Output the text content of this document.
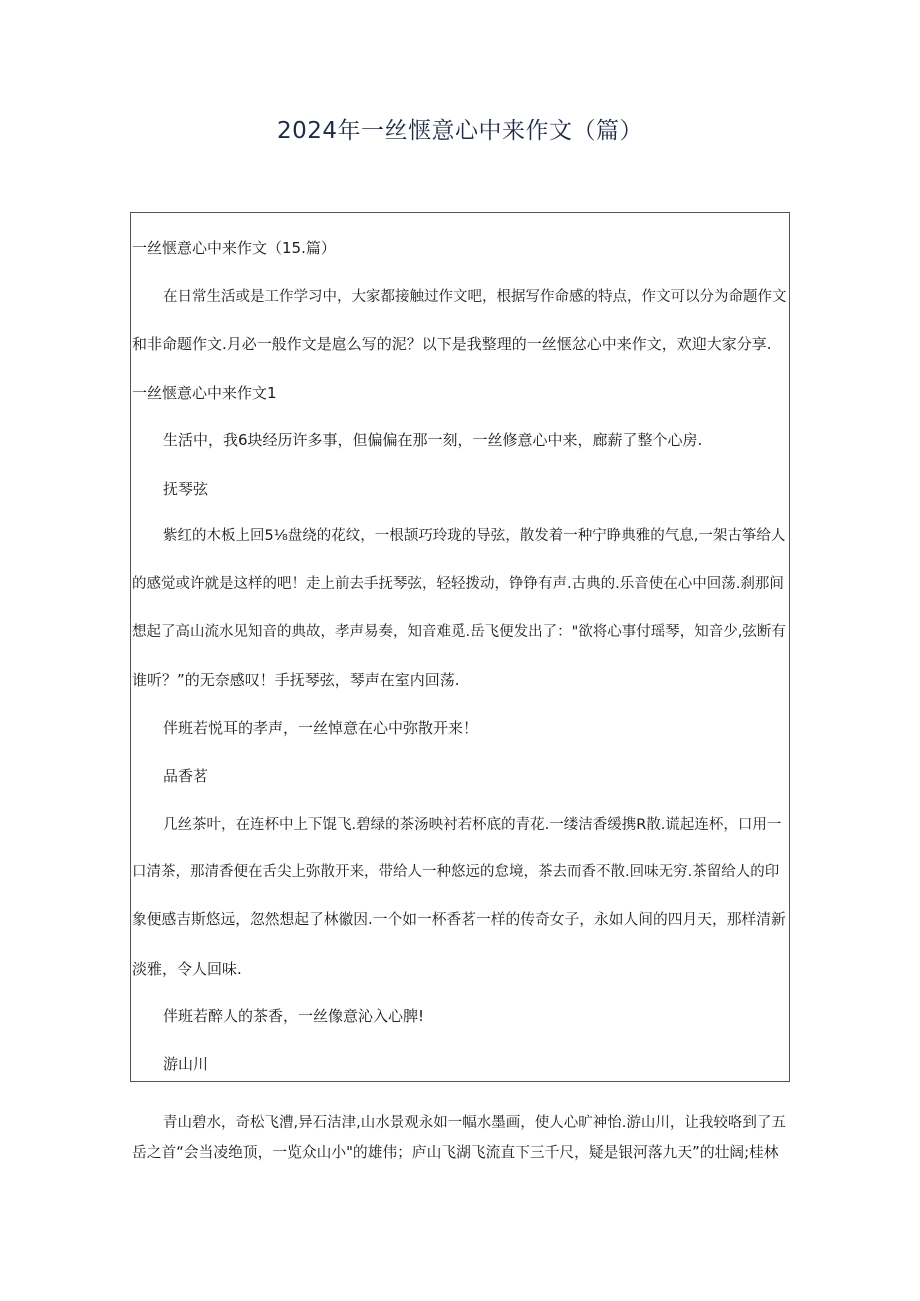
2024年一丝惬意心中来作文（篇）
一丝惬意心中来作文（15.篇）
在日常生活或是工作学习中，大家都接触过作文吧，根据写作命感的特点，作文可以分为命题作文
和非命题作文.月必一般作文是扈么写的泥？以下是我整理的一丝惬忿心中来作文，欢迎大家分享.
一丝惬意心中来作文1
生活中，我6块经历许多事，但偏偏在那一刻，一丝修意心中来，廊薪了整个心房.
抚琴弦
紫红的木板上回5⅛盘绕的花纹，一根颉巧玲珑的导弦，散发着一种宁睁典雅的气息,一架古筝给人
的感觉或许就是这样的吧！走上前去手抚琴弦，轻轻拨动，铮铮有声.古典的.乐音使在心中回荡.刹那间
想起了高山流水见知音的典故，孝声易奏，知音难觅.岳飞便发出了："欲将心事付瑶琴，知音少,弦断有
谁听？”的无奈感叹！手抚琴弦，琴声在室内回荡.
伴班若悦耳的孝声，一丝悼意在心中弥散开来！
品香茗
几丝茶叶，在连杯中上下馄飞.碧绿的茶汤映衬若杯底的青花.一缕洁香缓携R散.谎起连杯，口用一
口清茶，那清香便在舌尖上弥散开来，带给人一种悠远的怠境，茶去而香不散.回味无穷.茶留给人的印
象便感吉斯悠远，忽然想起了林徽因.一个如一杯香茗一样的传奇女子，永如人间的四月天，那样清新
淡雅，令人回味.
伴班若醉人的茶香，一丝像意沁入心脾!
游山川
青山碧水，奇松飞漕,异石洁津,山水景观永如一幅水墨画，使人心旷神怡.游山川，让我较咯到了五
岳之首“会当凌绝顶，一览众山小"的雄伟；庐山飞湖飞流直下三千尺，疑是银河落九天”的壮阔;桂林
